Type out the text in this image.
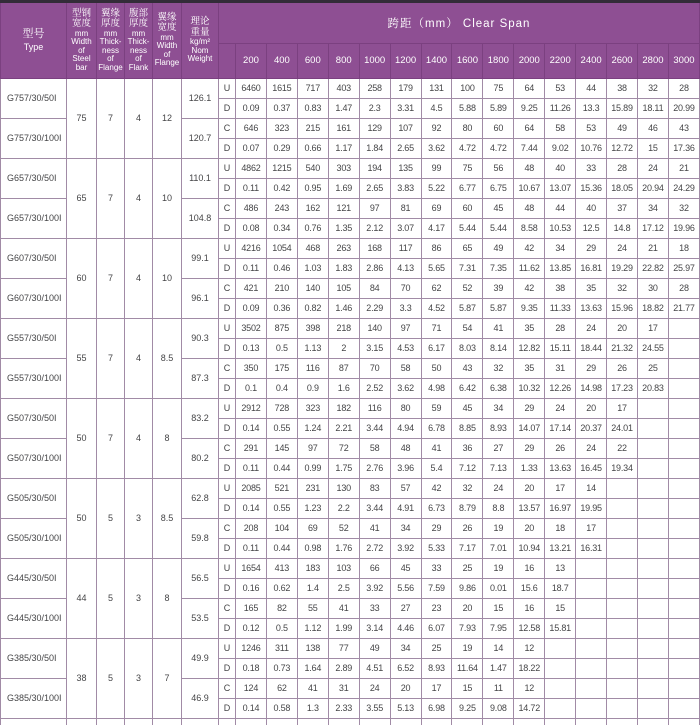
型号
Type

型钢
宽度
mm
Width
of
Steel
bar

翼缘
厚度
mm
Thick-
ness
of
Flange

腹部
厚度
mm
Thick-
ness
of
Flank

翼缘
宽度
mm
Width
of
Flange

理论
重量
kg/m²
Nom
Weight
	跨距（mm） Clear Span
							200	400	600	800	1000	1200	1400	1600	1800	2000	2200	2400	2600	2800	3000
G757/30/50I	75	7	4	12	126.1	U	6460	1615	717	403	258	179	131	100	75	64	53	44	38	32	28
						D	0.09	0.37	0.83	1.47	2.3	3.31	4.5	5.88	5.89	9.25	11.26	13.3	15.89	18.11	20.99
G757/30/100I					120.7	C	646	323	215	161	129	107	92	80	60	64	58	53	49	46	43
						D	0.07	0.29	0.66	1.17	1.84	2.65	3.62	4.72	4.72	7.44	9.02	10.76	12.72	15	17.36
G657/30/50I	65	7	4	10	110.1	U	4862	1215	540	303	194	135	99	75	56	48	40	33	28	24	21
						D	0.11	0.42	0.95	1.69	2.65	3.83	5.22	6.77	6.75	10.67	13.07	15.36	18.05	20.94	24.29
G657/30/100I					104.8	C	486	243	162	121	97	81	69	60	45	48	44	40	37	34	32
						D	0.08	0.34	0.76	1.35	2.12	3.07	4.17	5.44	5.44	8.58	10.53	12.5	14.8	17.12	19.96
G607/30/50I	60	7	4	10	99.1	U	4216	1054	468	263	168	117	86	65	49	42	34	29	24	21	18
						D	0.11	0.46	1.03	1.83	2.86	4.13	5.65	7.31	7.35	11.62	13.85	16.81	19.29	22.82	25.97
G607/30/100I					96.1	C	421	210	140	105	84	70	62	52	39	42	38	35	32	30	28
						D	0.09	0.36	0.82	1.46	2.29	3.3	4.52	5.87	5.87	9.35	11.33	13.63	15.96	18.82	21.77
G557/30/50I	55	7	4	8.5	90.3	U	3502	875	398	218	140	97	71	54	41	35	28	24	20	17	
						D	0.13	0.5	1.13	2	3.15	4.53	6.17	8.03	8.14	12.82	15.11	18.44	21.32	24.55	
G557/30/100I					87.3	C	350	175	116	87	70	58	50	43	32	35	31	29	26	25	
						D	0.1	0.4	0.9	1.6	2.52	3.62	4.98	6.42	6.38	10.32	12.26	14.98	17.23	20.83	
G507/30/50I	50	7	4	8	83.2	U	2912	728	323	182	116	80	59	45	34	29	24	20	17		
						D	0.14	0.55	1.24	2.21	3.44	4.94	6.78	8.85	8.93	14.07	17.14	20.37	24.01		
G507/30/100I					80.2	C	291	145	97	72	58	48	41	36	27	29	26	24	22		
						D	0.11	0.44	0.99	1.75	2.76	3.96	5.4	7.12	7.13	1.33	13.63	16.45	19.34		
G505/30/50I	50	5	3	8.5	62.8	U	2085	521	231	130	83	57	42	32	24	20	17	14			
						D	0.14	0.55	1.23	2.2	3.44	4.91	6.73	8.79	8.8	13.57	16.97	19.95			
G505/30/100I					59.8	C	208	104	69	52	41	34	29	26	19	20	18	17			
						D	0.11	0.44	0.98	1.76	2.72	3.92	5.33	7.17	7.01	10.94	13.21	16.31			
G445/30/50I	44	5	3	8	56.5	U	1654	413	183	103	66	45	33	25	19	16	13				
						D	0.16	0.62	1.4	2.5	3.92	5.56	7.59	9.86	0.01	15.6	18.7				
G445/30/100I					53.5	C	165	82	55	41	33	27	23	20	15	16	15				
						D	0.12	0.5	1.12	1.99	3.14	4.46	6.07	7.93	7.95	12.58	15.81				
G385/30/50I	38	5	3	7	49.9	U	1246	311	138	77	49	34	25	19	14	12					
						D	0.18	0.73	1.64	2.89	4.51	6.52	8.93	11.64	1.47	18.22					
G385/30/100I					46.9	C	124	62	41	31	24	20	17	15	11	12					
						D	0.14	0.58	1.3	2.33	3.55	5.13	6.98	9.25	9.08	14.72					
